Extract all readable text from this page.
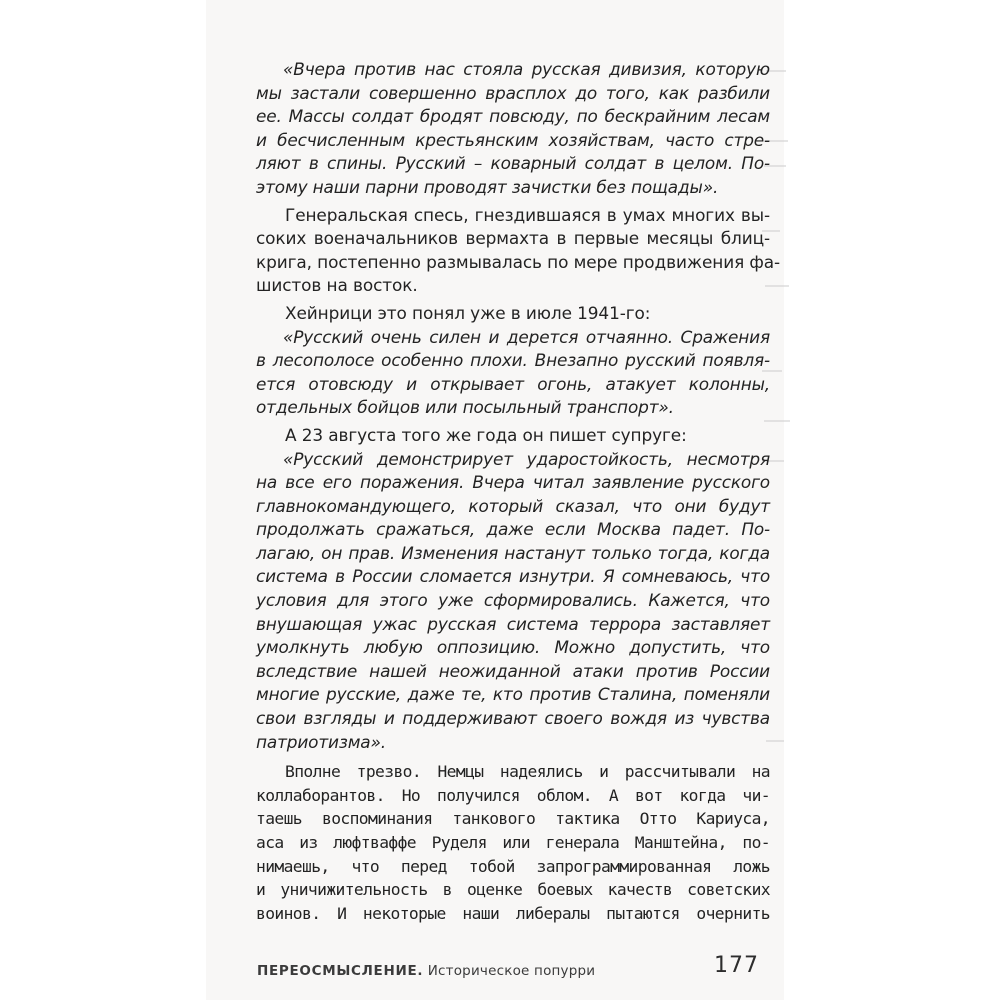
«Вчера против нас стояла русская дивизия, которую
мы застали совершенно врасплох до того, как разбили
ее. Массы солдат бродят повсюду, по бескрайним лесам
и бесчисленным крестьянским хозяйствам, часто стре-
ляют в спины. Русский – коварный солдат в целом. По-
этому наши парни проводят зачистки без пощады».
Генеральская спесь, гнездившаяся в умах многих вы-
соких военачальников вермахта в первые месяцы блиц-
крига, постепенно размывалась по мере продвижения фа-
шистов на восток.
Хейнрици это понял уже в июле 1941-го:
«Русский очень силен и дерется отчаянно. Сражения
в лесополосе особенно плохи. Внезапно русский появля-
ется отовсюду и открывает огонь, атакует колонны,
отдельных бойцов или посыльный транспорт».
А 23 августа того же года он пишет супруге:
«Русский демонстрирует ударостойкость, несмотря
на все его поражения. Вчера читал заявление русского
главнокомандующего, который сказал, что они будут
продолжать сражаться, даже если Москва падет. По-
лагаю, он прав. Изменения настанут только тогда, когда
система в России сломается изнутри. Я сомневаюсь, что
условия для этого уже сформировались. Кажется, что
внушающая ужас русская система террора заставляет
умолкнуть любую оппозицию. Можно допустить, что
вследствие нашей неожиданной атаки против России
многие русские, даже те, кто против Сталина, поменяли
свои взгляды и поддерживают своего вождя из чувства
патриотизма».
Вполне трезво. Немцы надеялись и рассчитывали на
коллаборантов. Но получился облом. А вот когда чи-
таешь воспоминания танкового тактика Отто Кариуса,
аса из люфтваффе Руделя или генерала Манштейна, по-
нимаешь, что перед тобой запрограммированная ложь
и уничижительность в оценке боевых качеств советских
воинов. И некоторые наши либералы пытаются очернить
ПЕРЕОСМЫСЛЕНИЕ. Историческое попурри	177
